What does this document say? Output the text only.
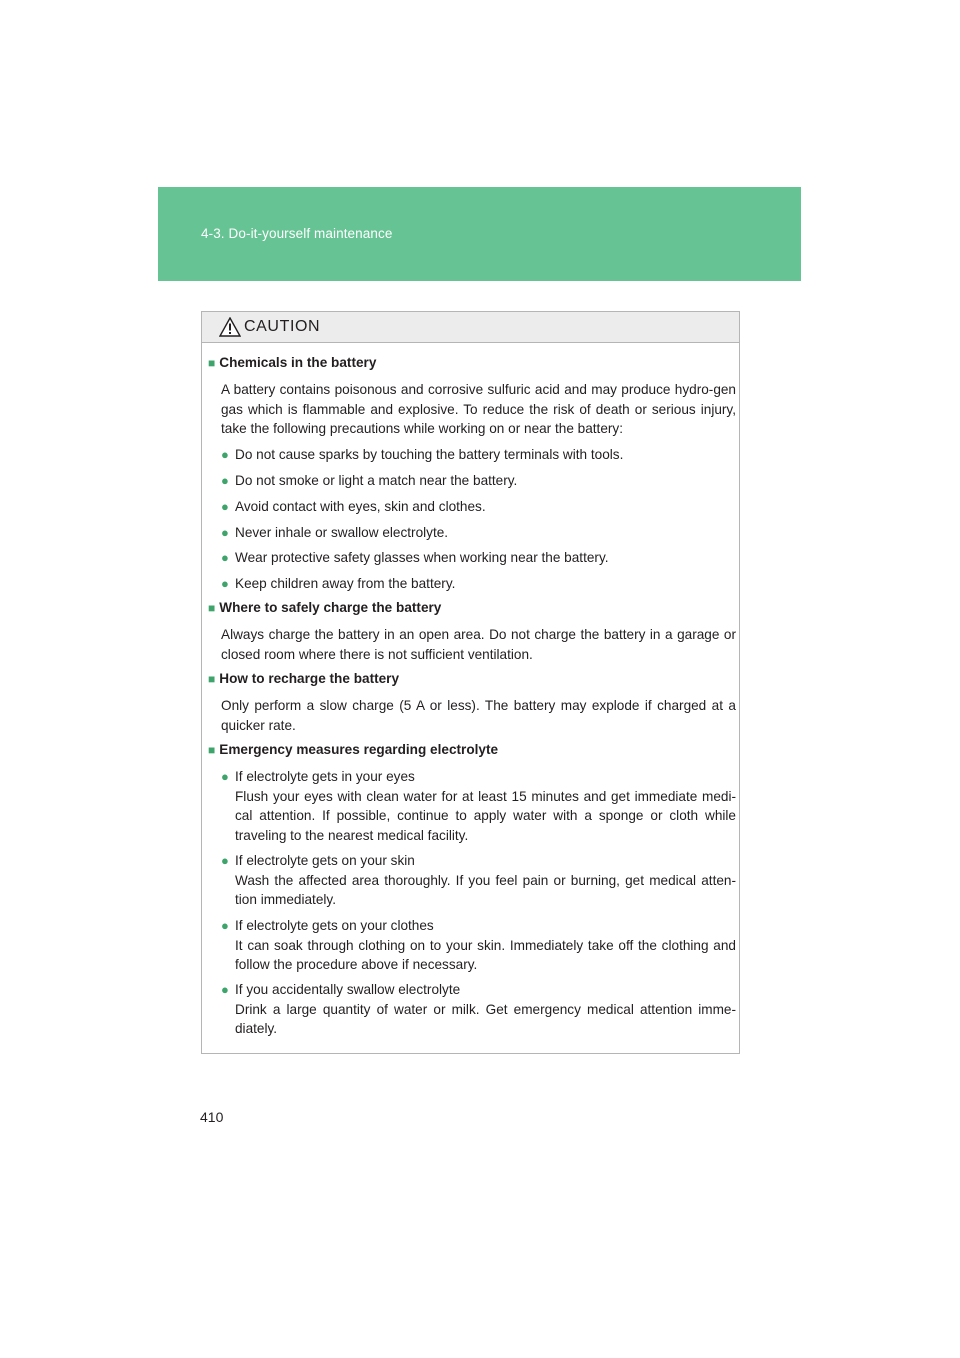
4-3. Do-it-yourself maintenance
CAUTION
■ Chemicals in the battery
A battery contains poisonous and corrosive sulfuric acid and may produce hydro-gen gas which is flammable and explosive. To reduce the risk of death or serious injury, take the following precautions while working on or near the battery:
● Do not cause sparks by touching the battery terminals with tools.
● Do not smoke or light a match near the battery.
● Avoid contact with eyes, skin and clothes.
● Never inhale or swallow electrolyte.
● Wear protective safety glasses when working near the battery.
● Keep children away from the battery.
■ Where to safely charge the battery
Always charge the battery in an open area. Do not charge the battery in a garage or closed room where there is not sufficient ventilation.
■ How to recharge the battery
Only perform a slow charge (5 A or less). The battery may explode if charged at a quicker rate.
■ Emergency measures regarding electrolyte
● If electrolyte gets in your eyes
Flush your eyes with clean water for at least 15 minutes and get immediate medi-cal attention. If possible, continue to apply water with a sponge or cloth while traveling to the nearest medical facility.
● If electrolyte gets on your skin
Wash the affected area thoroughly. If you feel pain or burning, get medical atten-tion immediately.
● If electrolyte gets on your clothes
It can soak through clothing on to your skin. Immediately take off the clothing and follow the procedure above if necessary.
● If you accidentally swallow electrolyte
Drink a large quantity of water or milk. Get emergency medical attention imme-diately.
410
